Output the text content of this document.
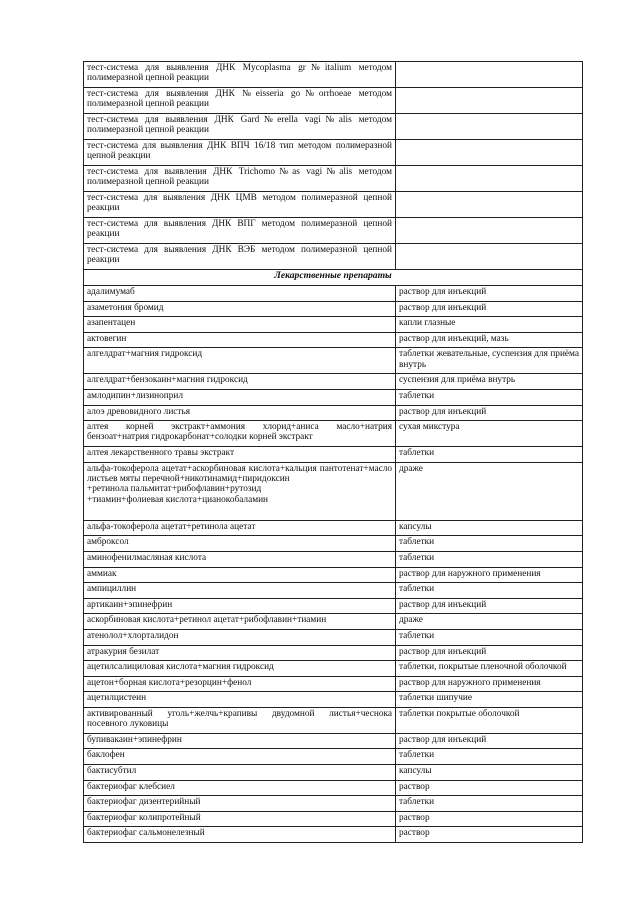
тест-система для выявления ДНК Mycoplasma gr№italium методом полимеразной цепной реакции	
тест-система для выявления ДНК №eisseria go№orrhoeae методом полимеразной цепной реакции	
тест-система для выявления ДНК Gard№erella vagi№alis методом полимеразной цепной реакции	
тест-система для выявления ДНК ВПЧ 16/18 тип методом полимеразной цепной реакции	
тест-система для выявления ДНК Trichomo№as vagi№alis методом полимеразной цепной реакции	
тест-система для выявления ДНК ЦМВ методом полимеразной цепной реакции	
тест-система для выявления ДНК ВПГ методом полимеразной цепной реакции	
тест-система для выявления ДНК ВЭБ методом полимеразной цепной реакции	
Лекарственные препараты	
адалимумаб	раствор для инъекций
азаметония бромид	раствор для инъекций
азапентацен	капли глазные
актовегин	раствор для инъекций, мазь
алгелдрат+магния гидроксид	таблетки жевательные, суспензия для приёма внутрь
алгелдрат+бензокаин+магния гидроксид	суспензия для приёма внутрь
амлодипин+лизиноприл	таблетки
алоэ древовидного листья	раствор для инъекций
алтея корней экстракт+аммония хлорид+аниса масло+натрия бензоат+натрия гидрокарбонат+солодки корней экстракт	сухая микстура
алтея лекарственного травы экстракт	таблетки

альфа-токоферола ацетат+аскорбиновая кислота+кальция пантотенат+масло листьев мяты перечной+никотинамид+пиридоксин
+ретинола пальмитат+рибофлавин+рутозид
+тиамин+фолиевая кислота+цианокобаламин	драже
альфа-токоферола ацетат+ретинола ацетат	капсулы
амброксол	таблетки
аминофенилмасляная кислота	таблетки
аммиак	раствор для наружного применения
ампициллин	таблетки
артикаин+эпинефрин	раствор для инъекций
аскорбиновая кислота+ретинол ацетат+рибофлавин+тиамин	драже
атенолол+хлорталидон	таблетки
атракурия безилат	раствор для инъекций
ацетилсалициловая кислота+магния гидроксид	таблетки, покрытые пленочной оболочкой
ацетон+борная кислота+резорцин+фенол	раствор для наружного применения
ацетилцистеин	таблетки шипучие
активированный уголь+желчь+крапивы двудомной листья+чеснока посевного луковицы	таблетки покрытые оболочкой
бупивакаин+эпинефрин	раствор для инъекций
баклофен	таблетки
бактисубтил	капсулы
бактериофаг клебсиел	раствор
бактериофаг дизентерийный	таблетки
бактериофаг колипротейный	раствор
бактериофаг сальмонелезный	раствор
